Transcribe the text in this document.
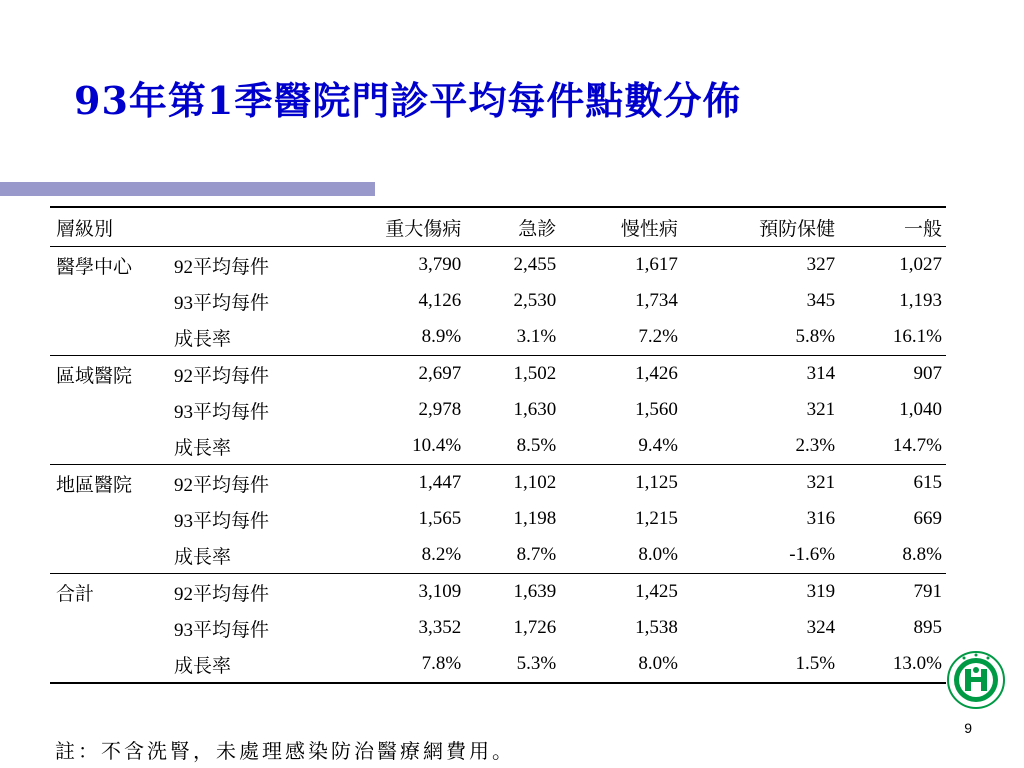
93年第1季醫院門診平均每件點數分佈
層級別		重大傷病	急診	慢性病	預防保健	一般
醫學中心	92平均每件	3,790	2,455	1,617	327	1,027
	93平均每件	4,126	2,530	1,734	345	1,193
	成長率	8.9%	3.1%	7.2%	5.8%	16.1%
區域醫院	92平均每件	2,697	1,502	1,426	314	907
	93平均每件	2,978	1,630	1,560	321	1,040
	成長率	10.4%	8.5%	9.4%	2.3%	14.7%
地區醫院	92平均每件	1,447	1,102	1,125	321	615
	93平均每件	1,565	1,198	1,215	316	669
	成長率	8.2%	8.7%	8.0%	-1.6%	8.8%
合計	92平均每件	3,109	1,639	1,425	319	791
	93平均每件	3,352	1,726	1,538	324	895
	成長率	7.8%	5.3%	8.0%	1.5%	13.0%
9
註：不含洗腎，未處理感染防治醫療網費用。
